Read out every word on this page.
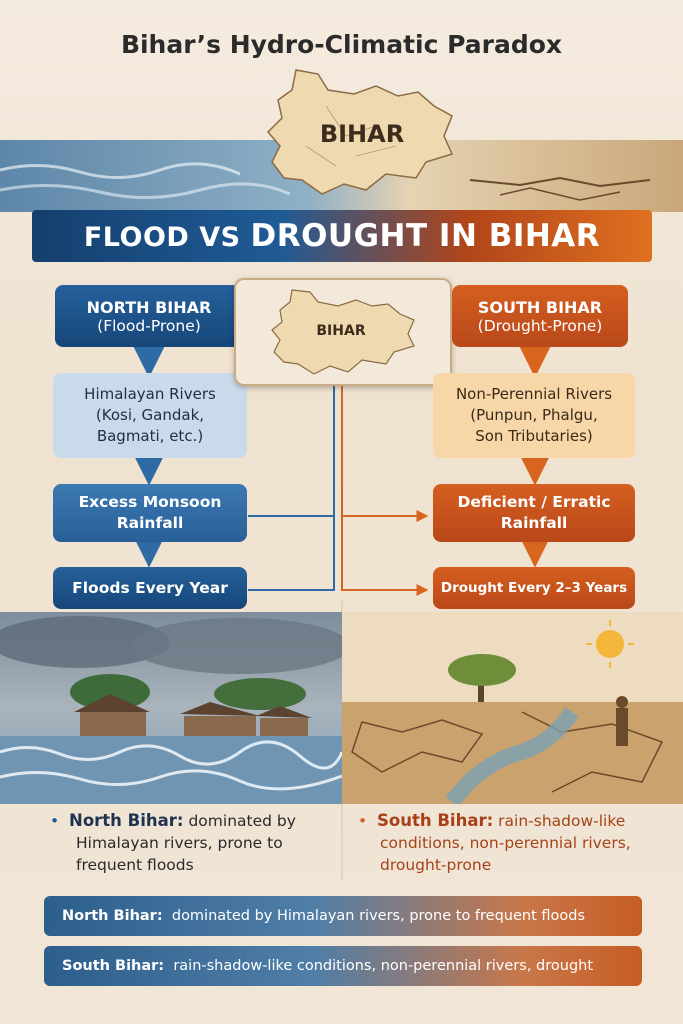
Bihar’s Hydro-Climatic Paradox
BIHAR
FLOOD VS DROUGHT IN BIHAR
NORTH BIHAR
(Flood-Prone)
Himalayan Rivers
(Kosi, Gandak,
Bagmati, etc.)
Excess Monsoon
Rainfall
Floods Every Year
BIHAR
SOUTH BIHAR
(Drought-Prone)
Non-Perennial Rivers
(Punpun, Phalgu,
Son Tributaries)
Deficient / Erratic
Rainfall
Drought Every 2–3 Years
• North Bihar: dominated by
Himalayan rivers, prone to
frequent floods
• South Bihar: rain-shadow-like
conditions, non-perennial rivers,
drought-prone
North Bihar: dominated by Himalayan rivers, prone to frequent floods
South Bihar: rain-shadow-like conditions, non-perennial rivers, drought
